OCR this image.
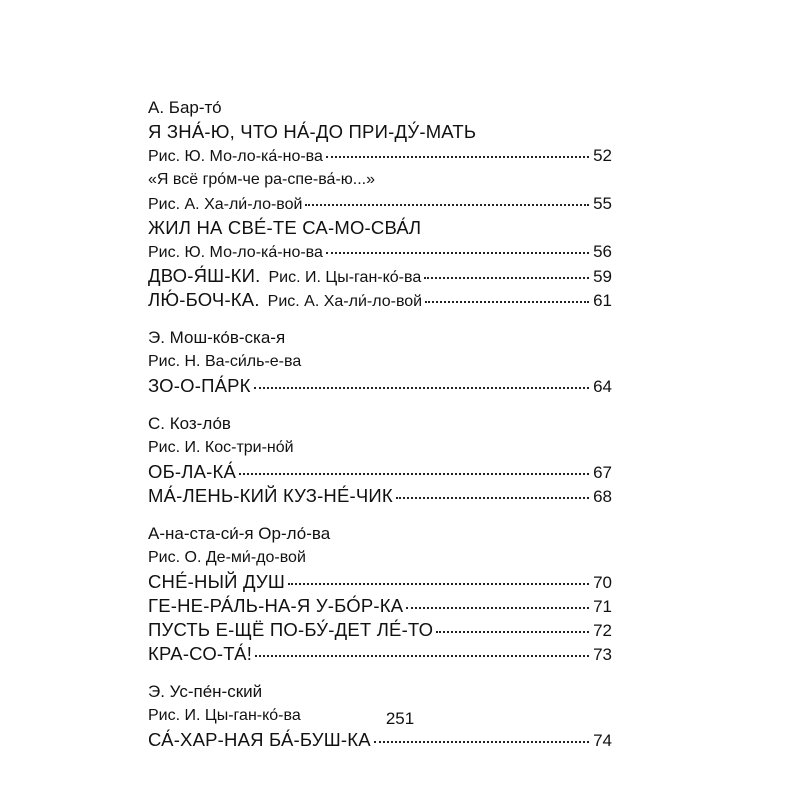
А. Бар-то́
Я ЗНА́-Ю, ЧТО НА́-ДО ПРИ-ДУ́-МАТЬ
Рис. Ю. Мо-ло-ка́-но-ва	52
«Я всё гро́м-че ра-спе-ва́-ю...»
Рис. А. Ха-ли́-ло-вой	55
ЖИЛ НА СВЕ́-ТЕ СА-МО-СВА́Л
Рис. Ю. Мо-ло-ка́-но-ва	56
ДВО-Я́Ш-КИ. Рис. И. Цы-ган-ко́-ва	59
ЛЮ́-БОЧ-КА. Рис. А. Ха-ли́-ло-вой	61
Э. Мош-ко́в-ска-я
Рис. Н. Ва-си́ль-е-ва
ЗО-О-ПА́РК	64
С. Коз-ло́в
Рис. И. Кос-три-но́й
ОБ-ЛА-КА́	67
МА́-ЛЕНЬ-КИЙ КУЗ-НЕ́-ЧИК	68
А-на-ста-си́-я Ор-ло́-ва
Рис. О. Де-ми́-до-вой
СНЕ́-НЫЙ ДУШ	70
ГЕ-НЕ-РА́ЛЬ-НА-Я У-БО́Р-КА	71
ПУСТЬ Е-ЩЁ ПО-БУ́-ДЕТ ЛЕ́-ТО	72
КРА-СО-ТА́!	73
Э. Ус-пе́н-ский
Рис. И. Цы-ган-ко́-ва
СА́-ХАР-НАЯ БА́-БУШ-КА	74
251
